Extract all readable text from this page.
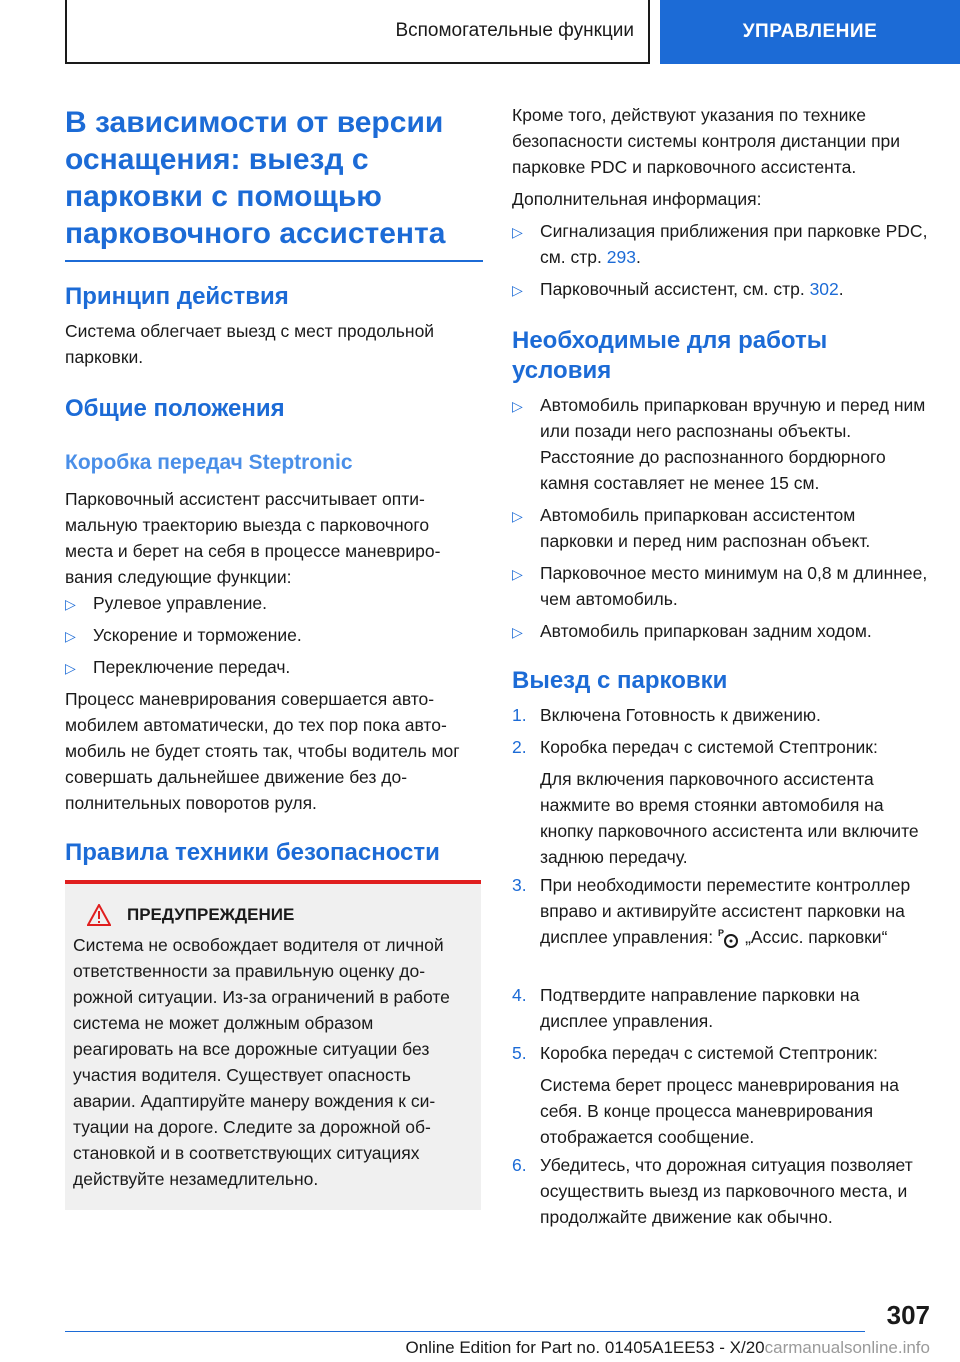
Вспомогательные функции	УПРАВЛЕНИЕ
В зависимости от версии оснащения: выезд с парковки с помощью парковочного ассистента
Принцип действия
Система облегчает выезд с мест продольной парковки.
Общие положения
Коробка передач Steptronic
Парковочный ассистент рассчитывает оптимальную траекторию выезда с парковочного места и берет на себя в процессе маневрирования следующие функции:
▷ Рулевое управление.
▷ Ускорение и торможение.
▷ Переключение передач.
Процесс маневрирования совершается автомобилем автоматически, до тех пор пока автомобиль не будет стоять так, чтобы водитель мог совершать дальнейшее движение без дополнительных поворотов руля.
Правила техники безопасности
ПРЕДУПРЕЖДЕНИЕ
Система не освобождает водителя от личной ответственности за правильную оценку дорожной ситуации. Из-за ограничений в работе система не может должным образом реагировать на все дорожные ситуации без участия водителя. Существует опасность аварии. Адаптируйте манеру вождения к ситуации на дороге. Следите за дорожной обстановкой и в соответствующих ситуациях действуйте незамедлительно.
Кроме того, действуют указания по технике безопасности системы контроля дистанции при парковке PDC и парковочного ассистента.
Дополнительная информация:
▷ Сигнализация приближения при парковке PDC, см. стр. 293.
▷ Парковочный ассистент, см. стр. 302.
Необходимые для работы условия
▷ Автомобиль припаркован вручную и перед ним или позади него распознаны объекты. Расстояние до распознанного бордюрного камня составляет не менее 15 см.
▷ Автомобиль припаркован ассистентом парковки и перед ним распознан объект.
▷ Парковочное место минимум на 0,8 м длиннее, чем автомобиль.
▷ Автомобиль припаркован задним ходом.
Выезд с парковки
1. Включена Готовность к движению.
2. Коробка передач с системой Стептроник:
Для включения парковочного ассистента нажмите во время стоянки автомобиля на кнопку парковочного ассистента или включите заднюю передачу.
3. При необходимости переместите контроллер вправо и активируйте ассистент парковки на дисплее управления: P „Ассис. парковки“
4. Подтвердите направление парковки на дисплее управления.
5. Коробка передач с системой Стептроник:
Система берет процесс маневрирования на себя. В конце процесса маневрирования отображается сообщение.
6. Убедитесь, что дорожная ситуация позволяет осуществить выезд из парковочного места, и продолжайте движение как обычно.
307
Online Edition for Part no. 01405A1EE53 - X/20carmanualsonline.info
